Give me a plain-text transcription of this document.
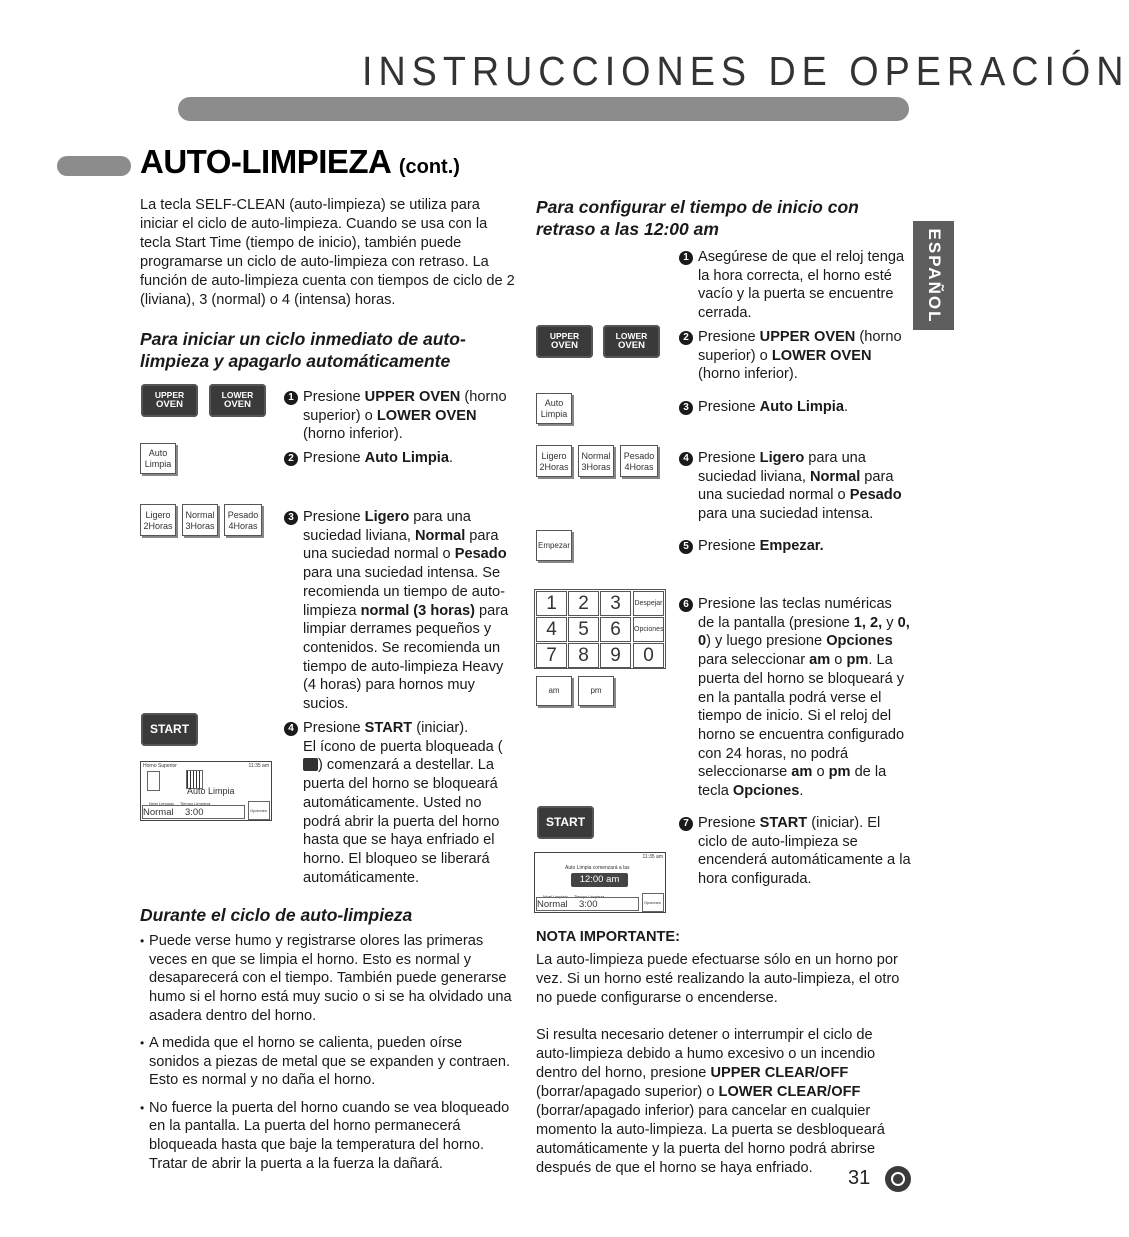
INSTRUCCIONES DE OPERACIÓN
AUTO-LIMPIEZA (cont.)
ESPAÑOL

La tecla SELF-CLEAN (auto-limpieza) se utiliza para iniciar el ciclo de auto-limpieza. Cuando se usa con la tecla Start Time (tiempo de inicio), también puede programarse un ciclo de auto-limpieza con retraso. La función de auto-limpieza cuenta con tiempos de ciclo de 2 (liviana), 3 (normal) o 4 (intensa) horas.

Para iniciar un ciclo inmediato de auto-limpieza y apagarlo automáticamente
UPPER
OVEN
LOWER
OVEN
Auto
Limpia
Ligero
2Horas
Normal
3Horas
Pesado
4Horas
START
Horno Superior	11:35 am
Auto Limpia
Nivel Limpiaio Tiempo Limpieza
Normal 3:00	Opciones
1 Presione UPPER OVEN (horno superior) o LOWER OVEN (horno inferior).
2 Presione Auto Limpia.
3 Presione Ligero para una suciedad liviana, Normal para una suciedad normal o Pesado para una suciedad intensa. Se recomienda un tiempo de auto-limpieza normal (3 horas) para limpiar derrames pequeños y contenidos. Se recomienda un tiempo de auto-limpieza Heavy (4 horas) para hornos muy sucios.
4 Presione START (iniciar).
El ícono de puerta bloqueada () comenzará a destellar. La puerta del horno se bloqueará automáticamente. Usted no podrá abrir la puerta del horno hasta que se haya enfriado el horno. El bloqueo se liberará automáticamente.
Durante el ciclo de auto-limpieza
• Puede verse humo y registrarse olores las primeras veces en que se limpia el horno. Esto es normal y desaparecerá con el tiempo. También puede generarse humo si el horno está muy sucio o si se ha olvidado una asadera dentro del horno.
• A medida que el horno se calienta, pueden oírse sonidos a piezas de metal que se expanden y contraen. Esto es normal y no daña el horno.
• No fuerce la puerta del horno cuando se vea bloqueado en la pantalla. La puerta del horno permanecerá bloqueada hasta que baje la temperatura del horno. Tratar de abrir la puerta a la fuerza la dañará.
Para configurar el tiempo de inicio con retraso a las 12:00 am
UPPER
OVEN
LOWER
OVEN
Auto
Limpia
Ligero
2Horas
Normal
3Horas
Pesado
4Horas
Empezar
1	2	3	Despejar
4	5	6	Opciones
7	8	9	0
am	pm
START
11:35 am
Auto Limpia comenzará a las
12:00 am
Nivel Limpiaio Tiempo Limpieza
Normal 3:00	Opciones
1 Asegúrese de que el reloj tenga la hora correcta, el horno esté vacío y la puerta se encuentre cerrada.
2 Presione UPPER OVEN (horno superior) o LOWER OVEN (horno inferior).
3 Presione Auto Limpia.
4 Presione Ligero para una suciedad liviana, Normal para una suciedad normal o Pesado para una suciedad intensa.
5 Presione Empezar.
6 Presione las teclas numéricas de la pantalla (presione 1, 2, y 0, 0) y luego presione Opciones para seleccionar am o pm. La puerta del horno se bloqueará y en la pantalla podrá verse el tiempo de inicio. Si el reloj del horno se encuentra configurado con 24 horas, no podrá seleccionarse am o pm de la tecla Opciones.
7 Presione START (iniciar). El ciclo de auto-limpieza se encenderá automáticamente a la hora configurada.
NOTA IMPORTANTE:

La auto-limpieza puede efectuarse sólo en un horno por vez. Si un horno esté realizando la auto-limpieza, el otro no puede configurarse o encenderse.

Si resulta necesario detener o interrumpir el ciclo de auto-limpieza debido a humo excesivo o un incendio dentro del horno, presione UPPER CLEAR/OFF (borrar/apagado superior) o LOWER CLEAR/OFF (borrar/apagado inferior) para cancelar en cualquier momento la auto-limpieza. La puerta se desbloqueará automáticamente y la puerta del horno podrá abrirse después de que el horno se haya enfriado.	31
